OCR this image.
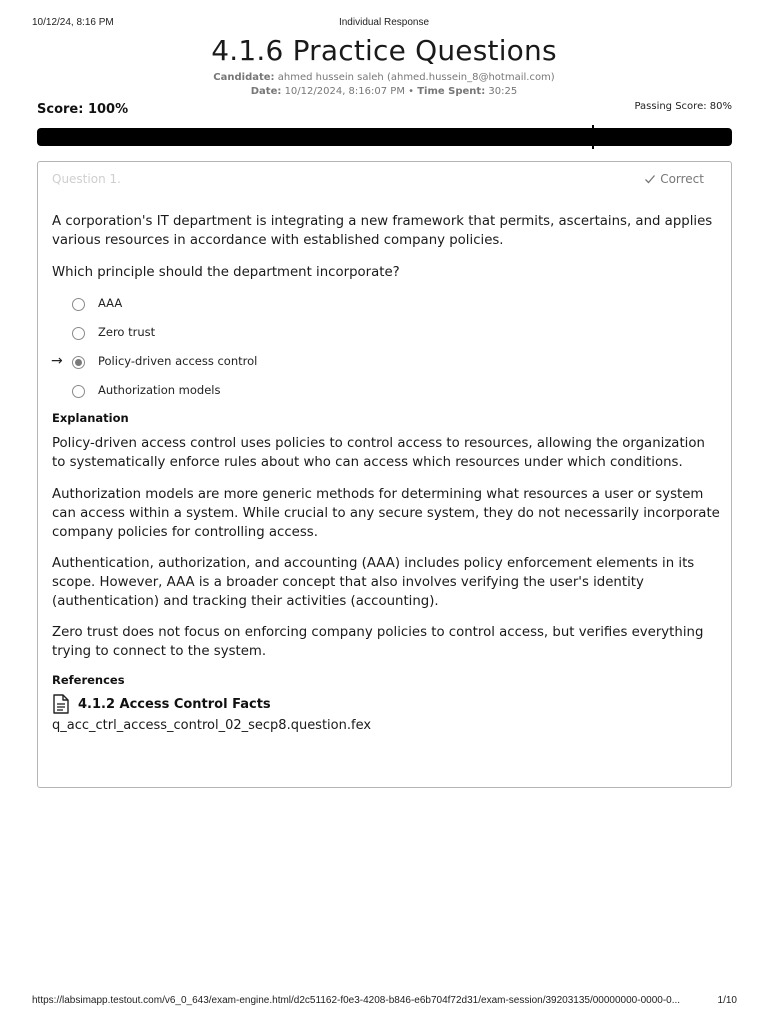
10/12/24, 8:16 PM	Individual Response
4.1.6 Practice Questions
Candidate: ahmed hussein saleh (ahmed.hussein_8@hotmail.com)
Date: 10/12/2024, 8:16:07 PM • Time Spent: 30:25
Score: 100%	Passing Score: 80%
Question 1.	Correct
A corporation's IT department is integrating a new framework that permits, ascertains, and applies various resources in accordance with established company policies.
Which principle should the department incorporate?
AAA
Zero trust
→	Policy-driven access control
Authorization models
Explanation

Policy-driven access control uses policies to control access to resources, allowing the organization to systematically enforce rules about who can access which resources under which conditions.

Authorization models are more generic methods for determining what resources a user or system can access within a system. While crucial to any secure system, they do not necessarily incorporate company policies for controlling access.

Authentication, authorization, and accounting (AAA) includes policy enforcement elements in its scope. However, AAA is a broader concept that also involves verifying the user's identity (authentication) and tracking their activities (accounting).

Zero trust does not focus on enforcing company policies to control access, but verifies everything trying to connect to the system.

References
4.1.2 Access Control Facts
q_acc_ctrl_access_control_02_secp8.question.fex
https://labsimapp.testout.com/v6_0_643/exam-engine.html/d2c51162-f0e3-4208-b846-e6b704f72d31/exam-session/39203135/00000000-0000-0...	1/10
